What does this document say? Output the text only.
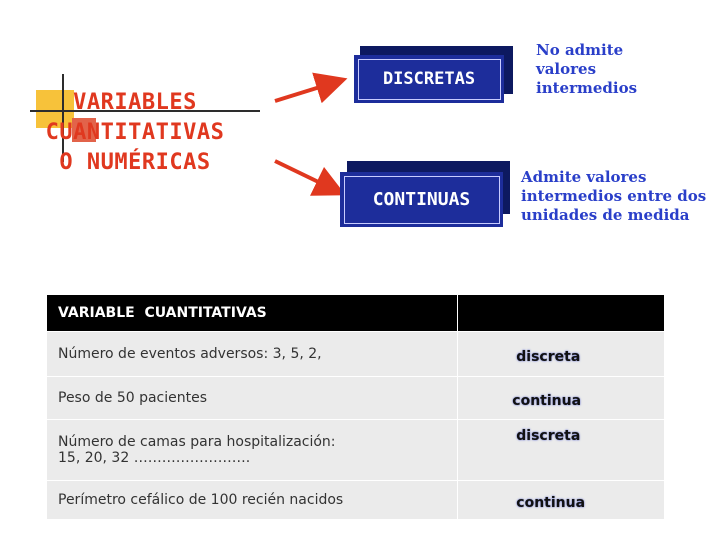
VARIABLES
CUANTITATIVAS
O NUMÉRICAS
DISCRETAS
CONTINUAS
No admite
valores
intermedios
Admite valores
intermedios entre dos
unidades de medida
VARIABLE  CUANTITATIVAS	
Número de eventos adversos: 3, 5, 2,	discreta
Peso de 50 pacientes	continua

Número de camas para hospitalización:
15, 20, 32 …………………….	discreta
Perímetro cefálico de 100 recién nacidos	continua
